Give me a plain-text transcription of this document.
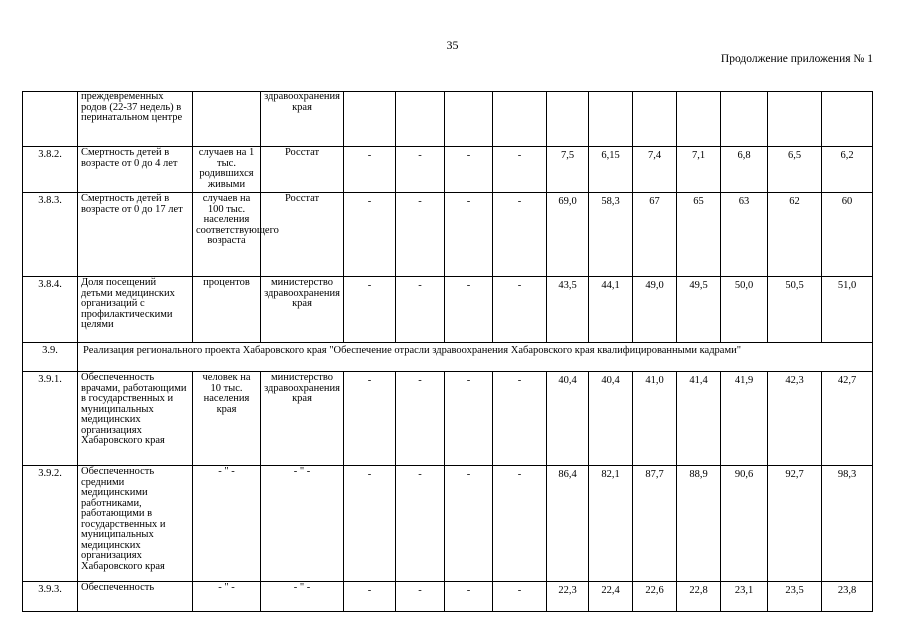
35
Продолжение приложения № 1
	преждевременных родов (22-37 недель) в перинатальном центре		здравоохранения края											
3.8.2.	Смертность детей в возрасте от 0 до 4 лет	случаев на 1 тыс. родившихся живыми	Росстат	-	-	-	-	7,5	6,15	7,4	7,1	6,8	6,5	6,2
3.8.3.	Смертность детей в возрасте от 0 до 17 лет	случаев на 100 тыс. населения соответствующего возраста	Росстат	-	-	-	-	69,0	58,3	67	65	63	62	60
3.8.4.	Доля посещений детьми медицинских организаций с профилактическими целями	процентов	министерство здравоохранения края	-	-	-	-	43,5	44,1	49,0	49,5	50,0	50,5	51,0
3.9.	Реализация регионального проекта Хабаровского края "Обеспечение отрасли здравоохранения Хабаровского края квалифицированными кадрами"													
3.9.1.	Обеспеченность врачами, работающими в государственных и муниципальных медицинских организациях Хабаровского края	человек на 10 тыс. населения края	министерство здравоохранения края	-	-	-	-	40,4	40,4	41,0	41,4	41,9	42,3	42,7
3.9.2.	Обеспеченность средними медицинскими работниками, работающими в государственных и муниципальных медицинских организациях Хабаровского края	- " -	- " -	-	-	-	-	86,4	82,1	87,7	88,9	90,6	92,7	98,3
3.9.3.	Обеспеченность	- " -	- " -	-	-	-	-	22,3	22,4	22,6	22,8	23,1	23,5	23,8
